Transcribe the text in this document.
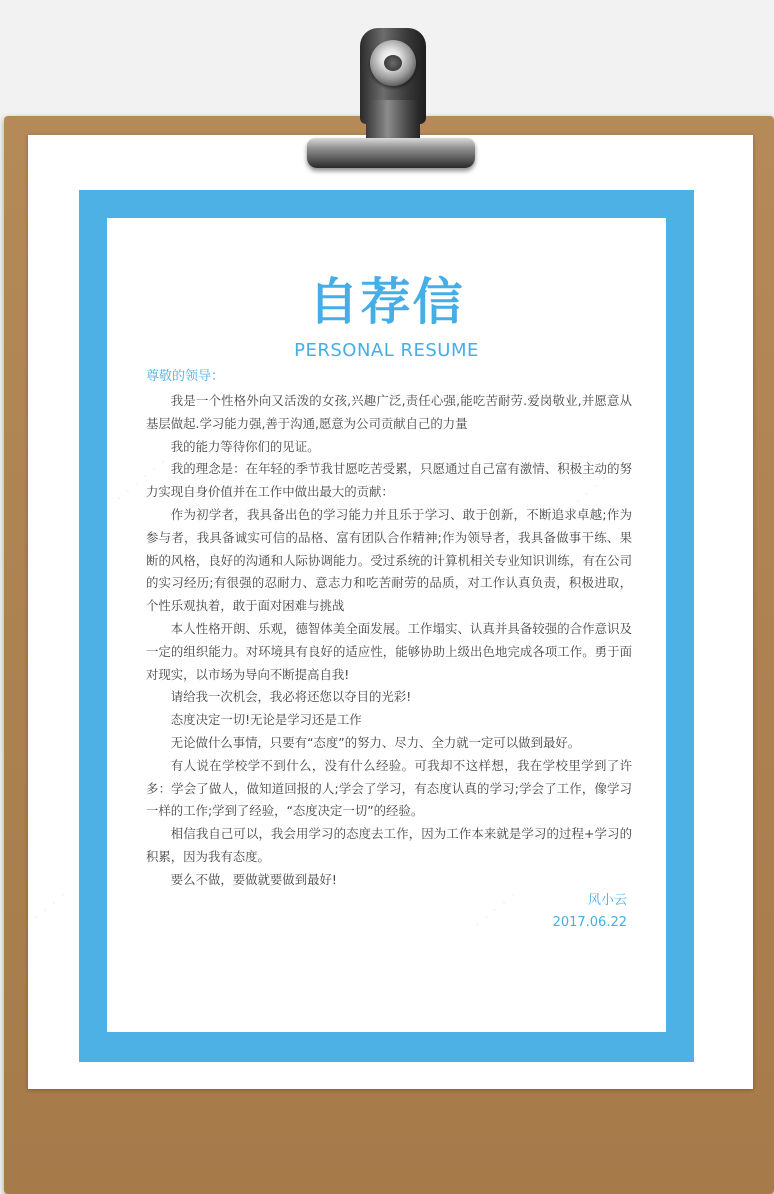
· · · · · ·	· · · · · ·
· · · · ·	· · · · ·
自荐信
PERSONAL RESUME
尊敬的领导：

我是一个性格外向又活泼的女孩,兴趣广泛,责任心强,能吃苦耐劳.爱岗敬业,并愿意从基层做起.学习能力强,善于沟通,愿意为公司贡献自己的力量

我的能力等待你们的见证。

我的理念是：在年轻的季节我甘愿吃苦受累，只愿通过自己富有激情、积极主动的努力实现自身价值并在工作中做出最大的贡献：

作为初学者，我具备出色的学习能力并且乐于学习、敢于创新，不断追求卓越;作为参与者，我具备诚实可信的品格、富有团队合作精神;作为领导者，我具备做事干练、果断的风格，良好的沟通和人际协调能力。受过系统的计算机相关专业知识训练，有在公司的实习经历;有很强的忍耐力、意志力和吃苦耐劳的品质，对工作认真负责，积极进取，个性乐观执着，敢于面对困难与挑战

本人性格开朗、乐观，德智体美全面发展。工作塌实、认真并具备较强的合作意识及一定的组织能力。对环境具有良好的适应性，能够协助上级出色地完成各项工作。勇于面对现实，以市场为导向不断提高自我!

请给我一次机会，我必将还您以夺目的光彩!

态度决定一切!无论是学习还是工作

无论做什么事情，只要有“态度”的努力、尽力、全力就一定可以做到最好。

有人说在学校学不到什么，没有什么经验。可我却不这样想，我在学校里学到了许多：学会了做人，做知道回报的人;学会了学习，有态度认真的学习;学会了工作，像学习一样的工作;学到了经验，“态度决定一切”的经验。

相信我自己可以，我会用学习的态度去工作，因为工作本来就是学习的过程+学习的积累，因为我有态度。

要么不做，要做就要做到最好!

风小云
2017.06.22
